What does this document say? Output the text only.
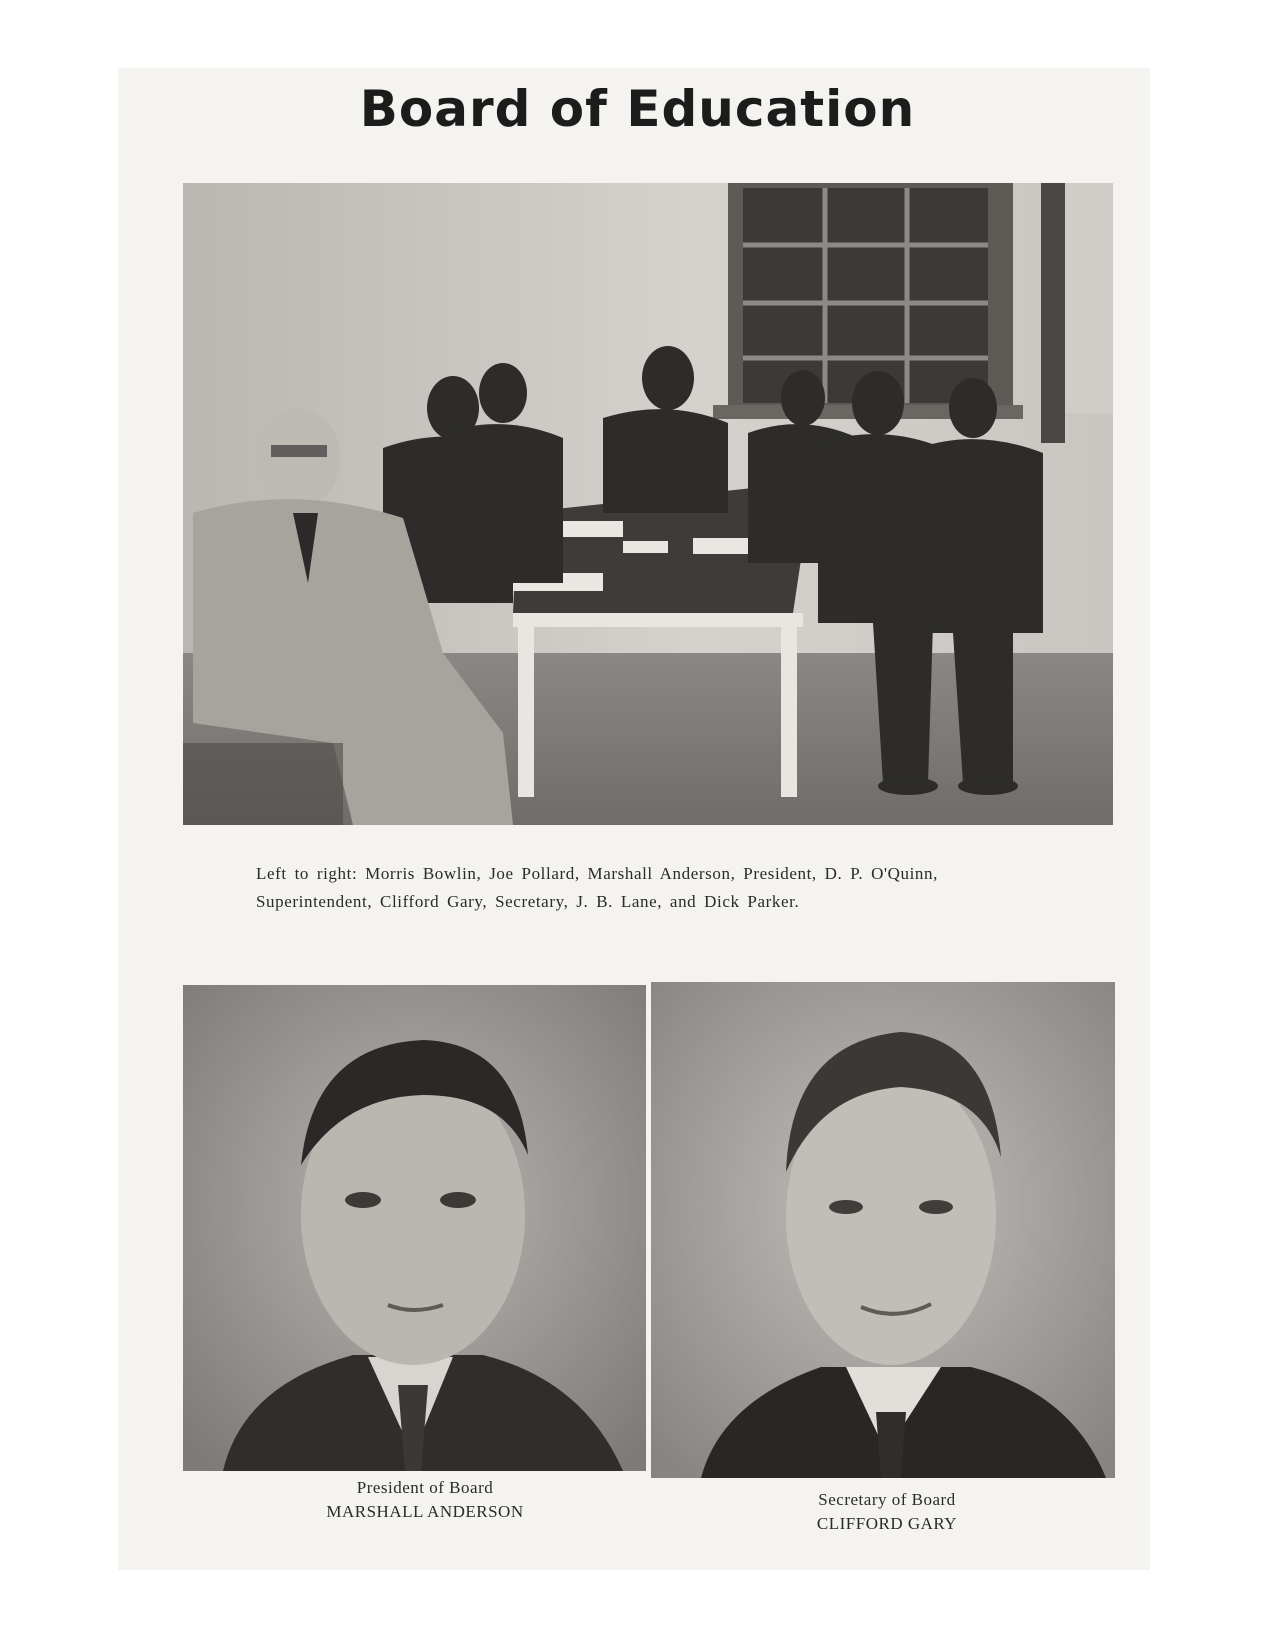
Board of Education
Left to right: Morris Bowlin, Joe Pollard, Marshall Anderson, President, D. P. O'Quinn,
Superintendent, Clifford Gary, Secretary, J. B. Lane, and Dick Parker.
President of Board
MARSHALL ANDERSON
Secretary of Board
CLIFFORD GARY
